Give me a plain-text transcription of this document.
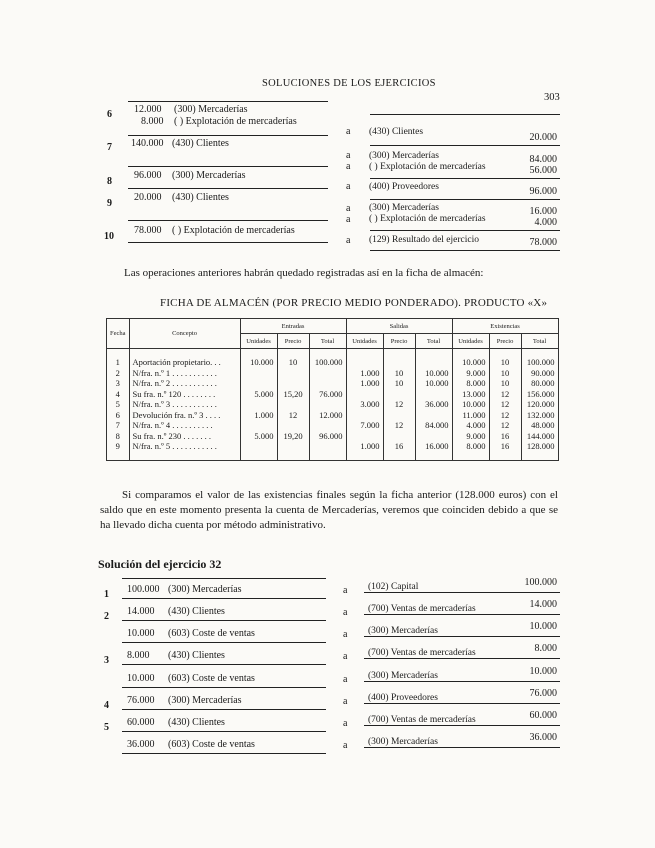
SOLUCIONES DE LOS EJERCICIOS
303
6 12.000 (300) Mercaderías
8.000 ( ) Explotación de mercaderías
a (430) Clientes	20.000
7 140.000 (430) Clientes
a (300) Mercaderías	84.000
a ( ) Explotación de mercaderías	56.000
8
96.000 (300) Mercaderías
a (400) Proveedores	96.000
9
20.000 (430) Clientes
a (300) Mercaderías	16.000
a ( ) Explotación de mercaderías	4.000
10
78.000 ( ) Explotación de mercaderías
a (129) Resultado del ejercicio	78.000
Las operaciones anteriores habrán quedado registradas así en la ficha de almacén:
FICHA DE ALMACÉN (POR PRECIO MEDIO PONDERADO). PRODUCTO «X»
Fecha	Concepto	Entradas			Salidas			Existencias		
		Unidades	Precio	Total	Unidades	Precio	Total	Unidades	Precio	Total
1	Aportación propietario. . .	10.000	10	100.000				10.000	10	100.000
2	N/fra. n.º 1 . . . . . . . . . . .				1.000	10	10.000	9.000	10	90.000
3	N/fra. n.º 2 . . . . . . . . . . .				1.000	10	10.000	8.000	10	80.000
4	Su fra. n.º 120 . . . . . . . .	5.000	15,20	76.000				13.000	12	156.000
5	N/fra. n.º 3 . . . . . . . . . . .				3.000	12	36.000	10.000	12	120.000
6	Devolución fra. n.º 3 . . . .	1.000	12	12.000				11.000	12	132.000
7	N/fra. n.º 4 . . . . . . . . . .				7.000	12	84.000	4.000	12	48.000
8	Su fra. n.º 230 . . . . . . .	5.000	19,20	96.000				9.000	16	144.000
9	N/fra. n.º 5 . . . . . . . . . . .				1.000	16	16.000	8.000	16	128.000
Si comparamos el valor de las existencias finales según la ficha anterior (128.000 euros) con el saldo que en este momento presenta la cuenta de Mercaderías, veremos que coinciden debido a que se ha llevado dicha cuenta por método administrativo.
Solución del ejercicio 32
1 100.000 (300) Mercaderías	a (102) Capital	100.000
2 14.000 (430) Clientes	a (700) Ventas de mercaderías	14.000
10.000 (603) Coste de ventas	a (300) Mercaderías	10.000
3 8.000 (430) Clientes	a (700) Ventas de mercaderías	8.000
10.000 (603) Coste de ventas	a (300) Mercaderías	10.000
4 76.000 (300) Mercaderías	a (400) Proveedores	76.000
5 60.000 (430) Clientes	a (700) Ventas de mercaderías	60.000
36.000 (603) Coste de ventas	a (300) Mercaderías	36.000
